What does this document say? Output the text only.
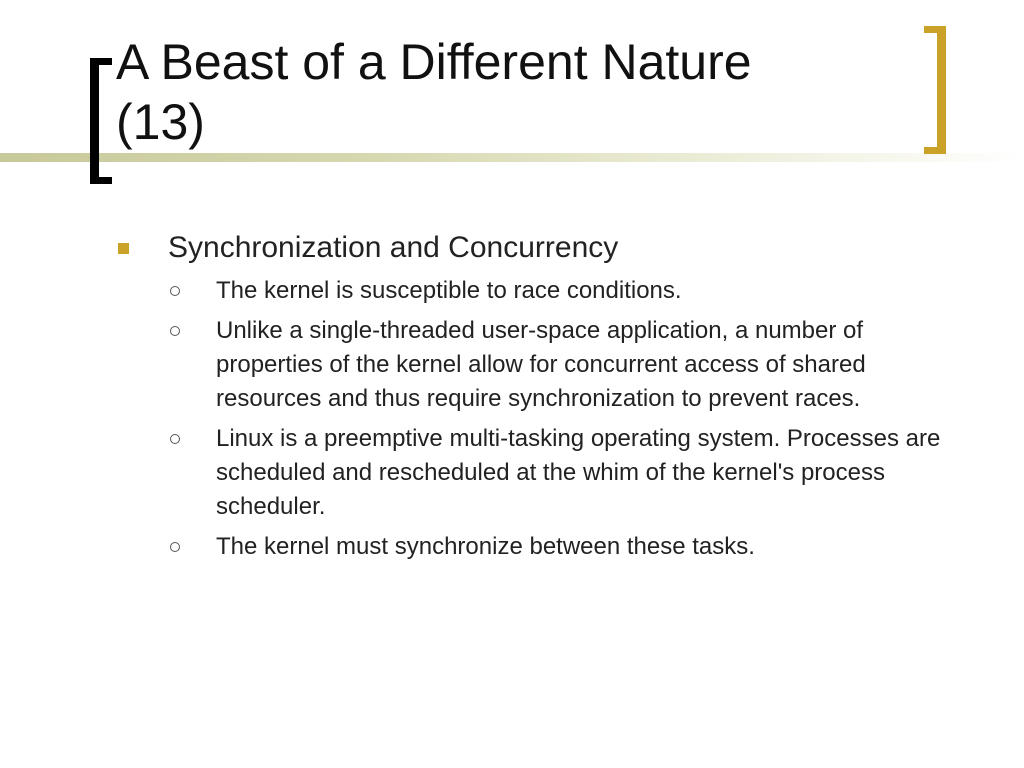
A Beast of a Different Nature
(13)
Synchronization and Concurrency
The kernel is susceptible to race conditions.
Unlike a single-threaded user-space application, a number of properties of the kernel allow for concurrent access of shared resources and thus require synchronization to prevent races.
Linux is a preemptive multi-tasking operating system. Processes are scheduled and rescheduled at the whim of the kernel's process scheduler.
The kernel must synchronize between these tasks.
